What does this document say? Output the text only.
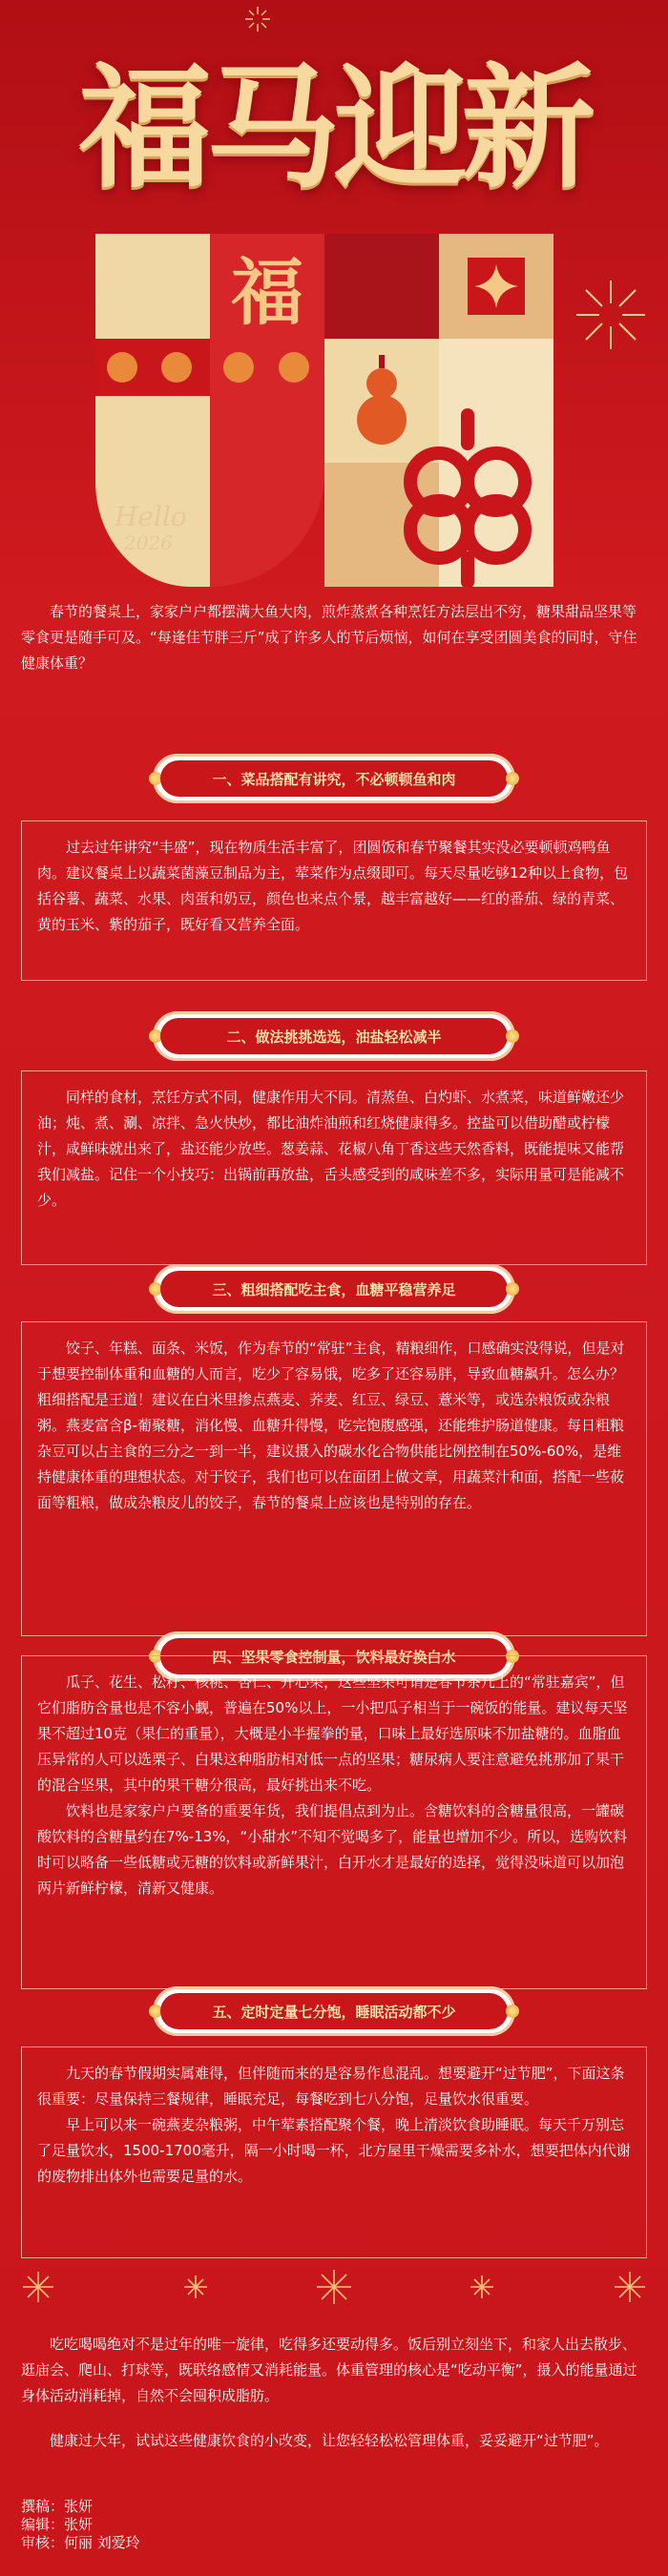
福马迎新
福
Hello
2026

春节的餐桌上，家家户户都摆满大鱼大肉，煎炸蒸煮各种烹饪方法层出不穷，糖果甜品坚果等零食更是随手可及。“每逢佳节胖三斤”成了许多人的节后烦恼，如何在享受团圆美食的同时，守住健康体重？

一、菜品搭配有讲究，不必顿顿鱼和肉

过去过年讲究“丰盛”，现在物质生活丰富了，团圆饭和春节聚餐其实没必要顿顿鸡鸭鱼肉。建议餐桌上以蔬菜菌藻豆制品为主，荤菜作为点缀即可。每天尽量吃够12种以上食物，包括谷薯、蔬菜、水果、肉蛋和奶豆，颜色也来点个景，越丰富越好——红的番茄、绿的青菜、黄的玉米、紫的茄子，既好看又营养全面。

二、做法挑挑选选，油盐轻松减半

同样的食材，烹饪方式不同，健康作用大不同。清蒸鱼、白灼虾、水煮菜，味道鲜嫩还少油；炖、煮、涮、凉拌、急火快炒，都比油炸油煎和红烧健康得多。控盐可以借助醋或柠檬汁，咸鲜味就出来了，盐还能少放些。葱姜蒜、花椒八角丁香这些天然香料，既能提味又能帮我们减盐。记住一个小技巧：出锅前再放盐，舌头感受到的咸味差不多，实际用量可是能减不少。

三、粗细搭配吃主食，血糖平稳营养足

饺子、年糕、面条、米饭，作为春节的“常驻”主食，精粮细作，口感确实没得说，但是对于想要控制体重和血糖的人而言，吃少了容易饿，吃多了还容易胖，导致血糖飙升。怎么办？粗细搭配是王道！建议在白米里掺点燕麦、荞麦、红豆、绿豆、薏米等，或选杂粮饭或杂粮粥。燕麦富含β-葡聚糖，消化慢、血糖升得慢，吃完饱腹感强，还能维护肠道健康。每日粗粮杂豆可以占主食的三分之一到一半，建议摄入的碳水化合物供能比例控制在50%-60%，是维持健康体重的理想状态。对于饺子，我们也可以在面团上做文章，用蔬菜汁和面，搭配一些莜面等粗粮，做成杂粮皮儿的饺子，春节的餐桌上应该也是特别的存在。

四、坚果零食控制量，饮料最好换白水

瓜子、花生、松籽、核桃、杏仁、开心果，这些坚果可谓是春节茶几上的“常驻嘉宾”，但它们脂肪含量也是不容小觑，普遍在50%以上，一小把瓜子相当于一碗饭的能量。建议每天坚果不超过10克（果仁的重量），大概是小半握拳的量，口味上最好选原味不加盐糖的。血脂血压异常的人可以选栗子、白果这种脂肪相对低一点的坚果；糖尿病人要注意避免挑那加了果干的混合坚果，其中的果干糖分很高，最好挑出来不吃。

饮料也是家家户户要备的重要年货，我们提倡点到为止。含糖饮料的含糖量很高，一罐碳酸饮料的含糖量约在7%-13%，“小甜水”不知不觉喝多了，能量也增加不少。所以，选购饮料时可以略备一些低糖或无糖的饮料或新鲜果汁，白开水才是最好的选择，觉得没味道可以加泡两片新鲜柠檬，清新又健康。

五、定时定量七分饱，睡眠活动都不少

九天的春节假期实属难得，但伴随而来的是容易作息混乱。想要避开“过节肥”，下面这条很重要：尽量保持三餐规律，睡眠充足，每餐吃到七八分饱，足量饮水很重要。

早上可以来一碗燕麦杂粮粥，中午荤素搭配聚个餐，晚上清淡饮食助睡眠。每天千万别忘了足量饮水，1500-1700毫升，隔一小时喝一杯，北方屋里干燥需要多补水，想要把体内代谢的废物排出体外也需要足量的水。

吃吃喝喝绝对不是过年的唯一旋律，吃得多还要动得多。饭后别立刻坐下，和家人出去散步、逛庙会、爬山、打球等，既联络感情又消耗能量。体重管理的核心是“吃动平衡”，摄入的能量通过身体活动消耗掉，自然不会囤积成脂肪。

健康过大年，试试这些健康饮食的小改变，让您轻轻松松管理体重，妥妥避开“过节肥”。

撰稿：张妍
编辑：张妍
审核：何丽 刘爱玲
